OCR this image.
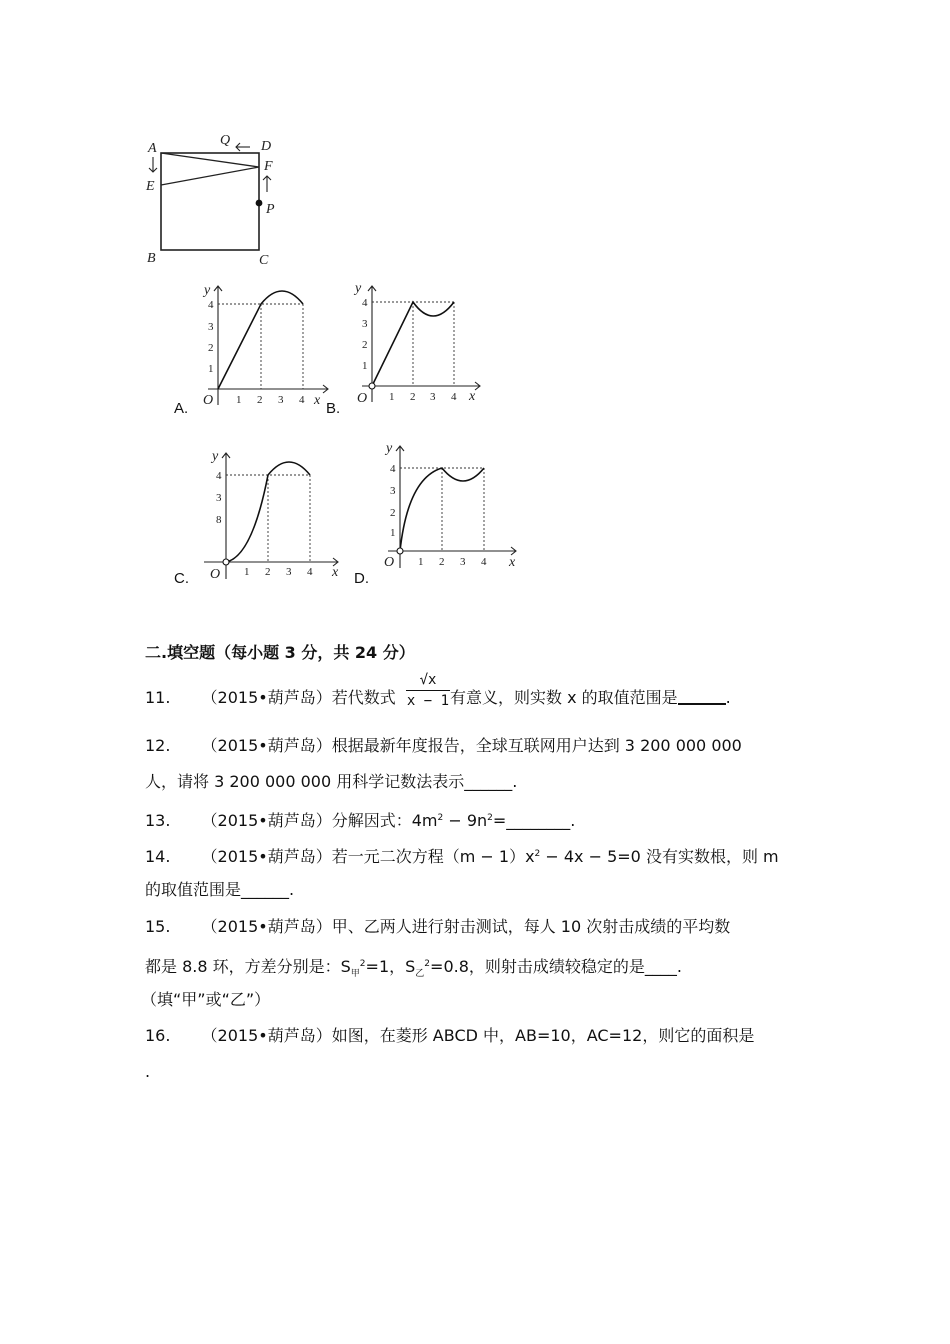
A
E
B	C
D
F
P
Q
1
2
3
4
1 2 3 4
y
x
O
A.
1
2
3
4
1 2 3 4
y
x
O
B.
4
3
8
1 2 3 4
y
x
O
C.
4
3
2
1
1 2 3 4
y
x
O
D.
二.填空题（每小题 3 分，共 24 分）
11. （2015•葫芦岛）若代数式 $\frac{√x}{x - 1}$ 有意义，则实数 x 的取值范围是	.
12. （2015•葫芦岛）根据最新年度报告，全球互联网用户达到 3 200 000 000
人，请将 3 200 000 000 用科学记数法表示______.
13. （2015•葫芦岛）分解因式：$4m^2$ − $9n^2=\_\_\_\_\_\_\_\_$.
14. （2015•葫芦岛）若一元二次方程$(m - 1)x^2 - 4x - 5=0$ 没有实数根，则 m
的取值范围是______.
15. （2015•葫芦岛）甲、乙两人进行射击测试，每人 10 次射击成绩的平均数
都是 8.8 环，方差分别是：$S_甲^2=1$，$S_乙^2=0.8$，则射击成绩较稳定的是____.
（填“甲”或“乙”）
16. （2015•葫芦岛）如图，在菱形 ABCD 中，AB=10，AC=12，则它的面积是
.
